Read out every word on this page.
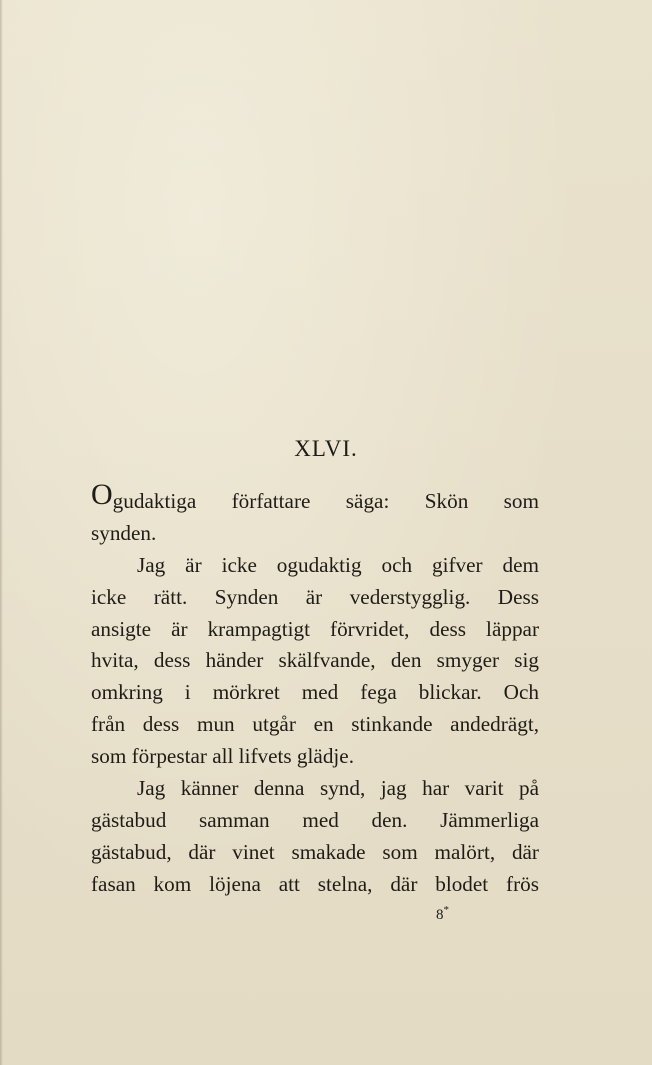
XLVI.
Ogudaktiga författare säga: Skön som
synden.
Jag är icke ogudaktig och gifver dem
icke rätt. Synden är vederstygglig. Dess
ansigte är krampagtigt förvridet, dess läppar
hvita, dess händer skälfvande, den smyger sig
omkring i mörkret med fega blickar. Och
från dess mun utgår en stinkande andedrägt,
som förpestar all lifvets glädje.
Jag känner denna synd, jag har varit på
gästabud samman med den. Jämmerliga
gästabud, där vinet smakade som malört, där
fasan kom löjena att stelna, där blodet frös
8*
